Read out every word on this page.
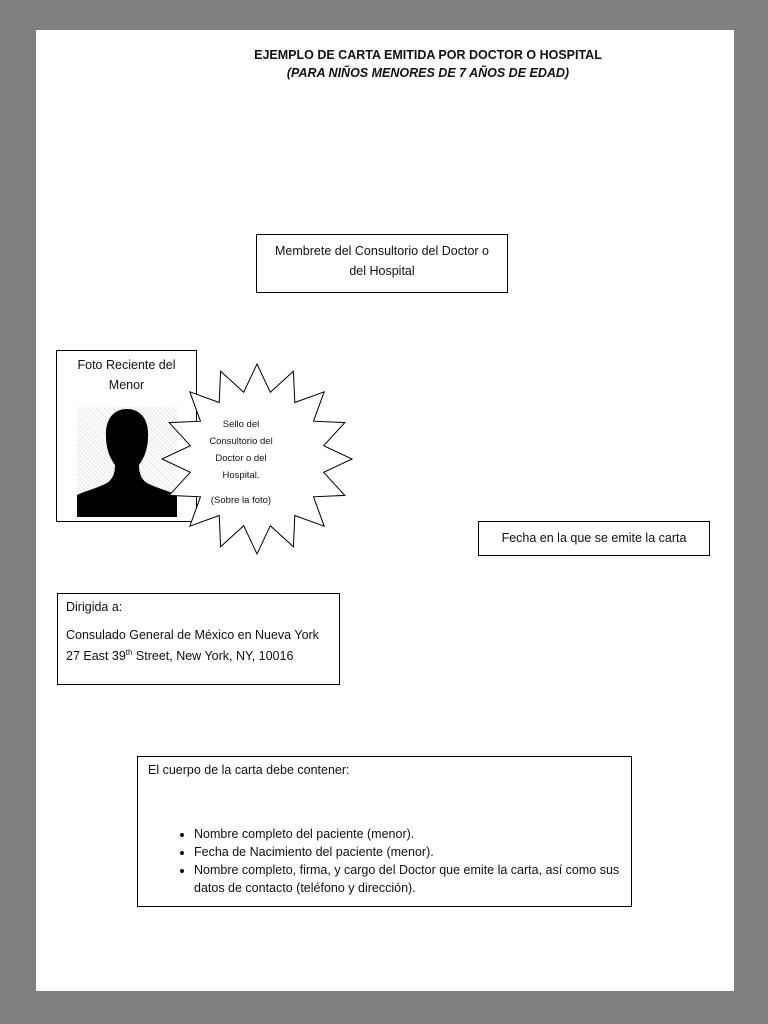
EJEMPLO DE CARTA EMITIDA POR DOCTOR O HOSPITAL
(PARA NIÑOS MENORES DE 7 AÑOS DE EDAD)
Membrete del Consultorio del Doctor o
del Hospital
Foto Reciente del
Menor
Sello del
Consultorio del
Doctor o del
Hospital.
(Sobre la foto)
Fecha en la que se emite la carta
Dirigida a:
Consulado General de México en Nueva York
27 East 39th Street, New York, NY, 10016
El cuerpo de la carta debe contener:
• Nombre completo del paciente (menor).
• Fecha de Nacimiento del paciente (menor).
• Nombre completo, firma, y cargo del Doctor que emite la carta, así como sus datos de contacto (teléfono y dirección).
